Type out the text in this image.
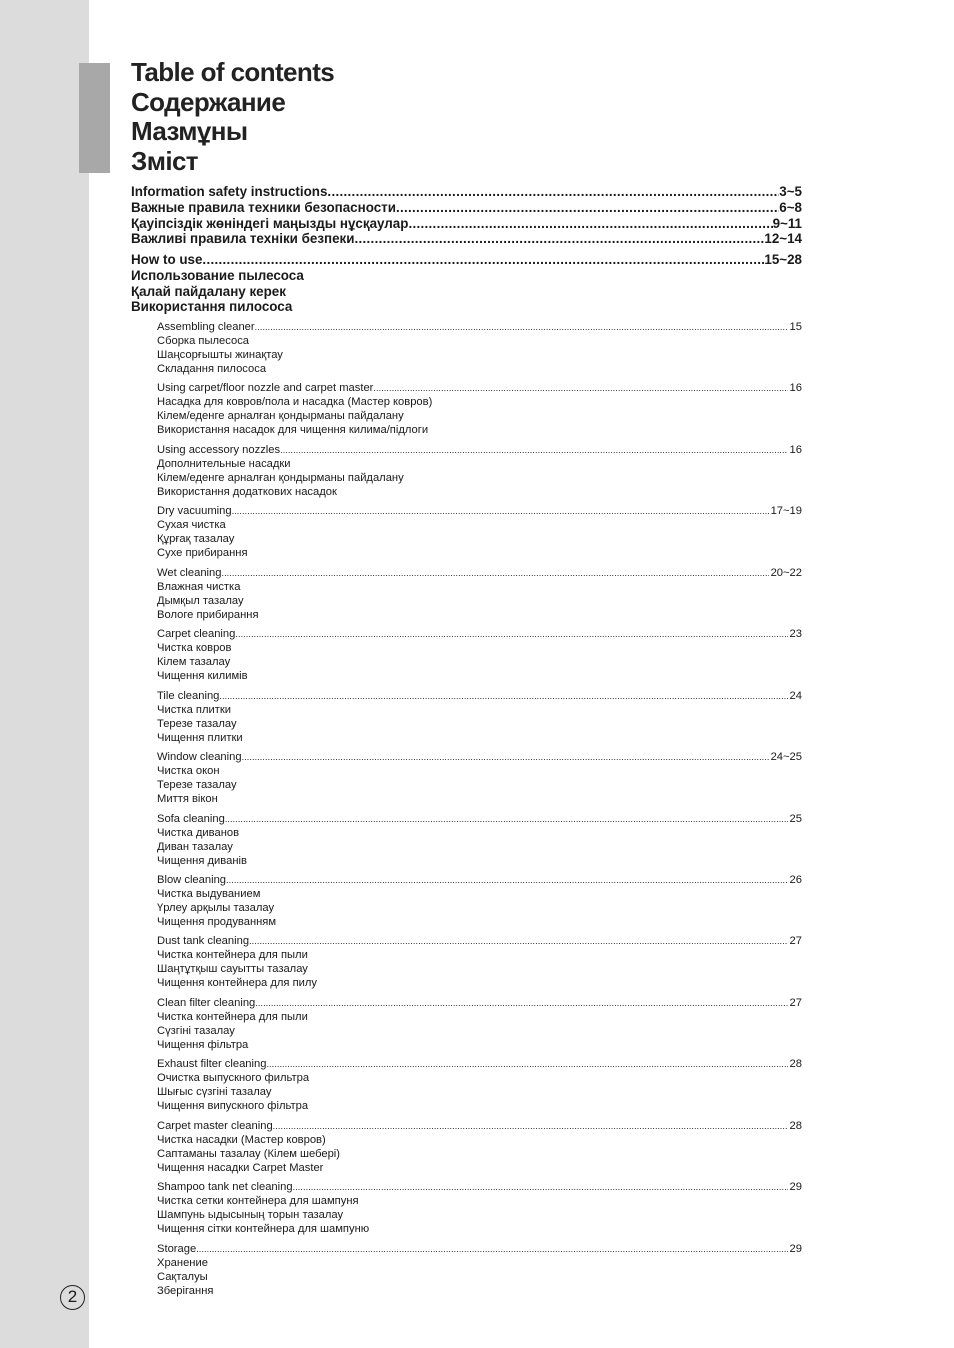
Table of contents
Содержание
Мазмұны
Зміст
Information safety instructions .....	3~5
Важные правила техники безопасности .....	6~8
Қауіпсіздік жөніндегі маңызды нұсқаулар .....	9~11
Важливі правила техніки безпеки .....	12~14
How to use .....	15~28
Использование пылесоса
Қалай пайдалану керек
Використання пилососа
Assembling cleaner .....	15
Сборка пылесоса
Шаңсорғышты жинақтау
Складання пилососа
Using carpet/floor nozzle and carpet master .....	16
Насадка для ковров/пола и насадка (Мастер ковров)
Кілем/еденге арналған қондырманы пайдалану
Використання насадок для чищення килима/підлоги
Using accessory nozzles .....	16
Дополнительные насадки
Кілем/еденге арналған қондырманы пайдалану
Використання додаткових насадок
Dry vacuuming .....	17~19
Сухая чистка
Құрғақ тазалау
Сухе прибирання
Wet cleaning .....	20~22
Влажная чистка
Дымқыл тазалау
Вологе прибирання
Carpet cleaning .....	23
Чистка ковров
Кілем тазалау
Чищення килимів
Tile cleaning .....	24
Чистка плитки
Терезе тазалау
Чищення плитки
Window cleaning .....	24~25
Чистка окон
Терезе тазалау
Миття вікон
Sofa cleaning .....	25
Чистка диванов
Диван тазалау
Чищення диванів
Blow cleaning .....	26
Чистка выдуванием
Үрлеу арқылы тазалау
Чищення продуванням
Dust tank cleaning .....	27
Чистка контейнера для пыли
Шаңтұтқыш сауытты тазалау
Чищення контейнера для пилу
Clean filter cleaning .....	27
Чистка контейнера для пыли
Сүзгіні тазалау
Чищення фільтра
Exhaust filter cleaning .....	28
Очистка выпускного фильтра
Шығыс сүзгіні тазалау
Чищення випускного фільтра
Carpet master cleaning .....	28
Чистка насадки (Мастер ковров)
Саптаманы тазалау (Кілем шебері)
Чищення насадки Carpet Master
Shampoo tank net cleaning .....	29
Чистка сетки контейнера для шампуня
Шампунь ыдысының торын тазалау
Чищення сітки контейнера для шампуню
Storage .....	29
Хранение
Сақталуы
Зберігання
2
